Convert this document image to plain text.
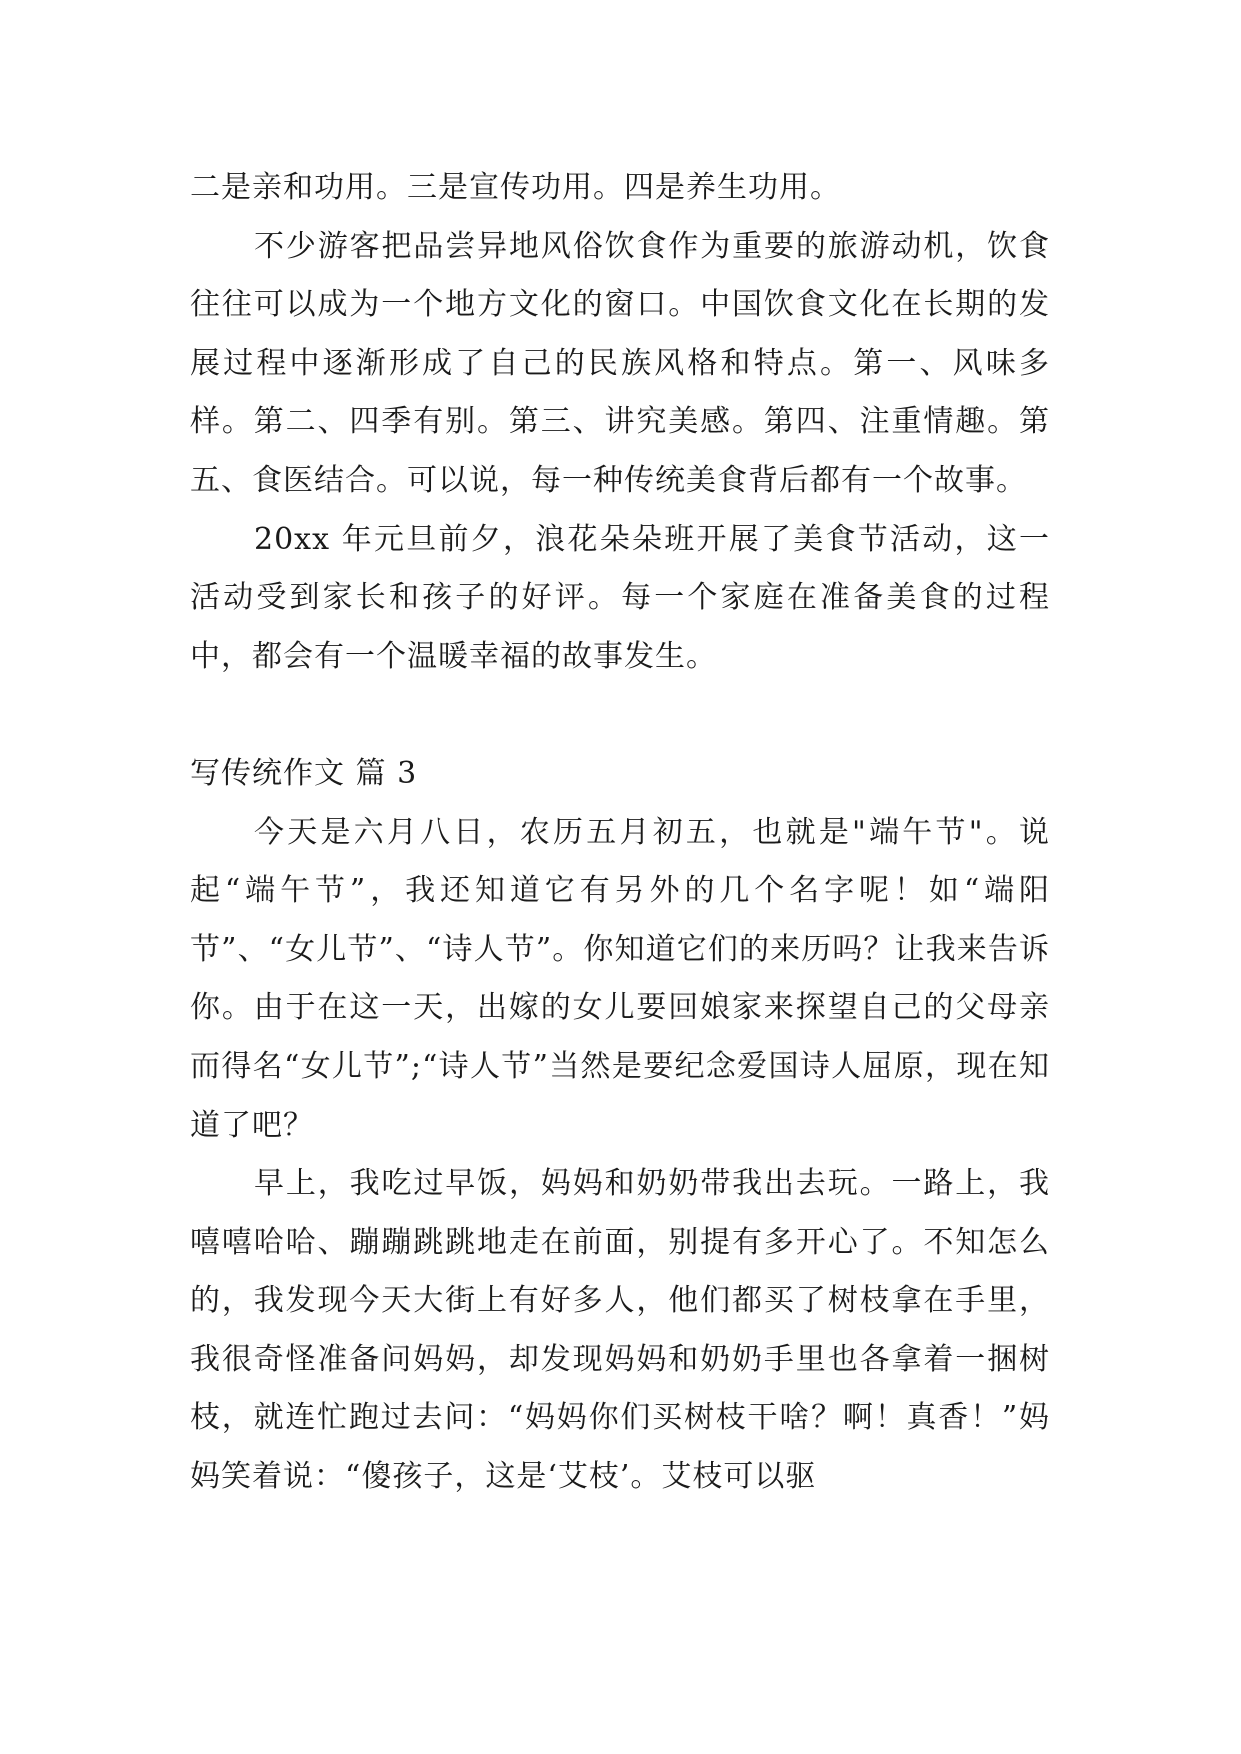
二是亲和功用。三是宣传功用。四是养生功用。

不少游客把品尝异地风俗饮食作为重要的旅游动机，饮食往往可以成为一个地方文化的窗口。中国饮食文化在长期的发展过程中逐渐形成了自己的民族风格和特点。第一、风味多样。第二、四季有别。第三、讲究美感。第四、注重情趣。第五、食医结合。可以说，每一种传统美食背后都有一个故事。

20xx 年元旦前夕，浪花朵朵班开展了美食节活动，这一活动受到家长和孩子的好评。每一个家庭在准备美食的过程中，都会有一个温暖幸福的故事发生。

写传统作文 篇 3

今天是六月八日，农历五月初五，也就是"端午节"。说起“端午节”，我还知道它有另外的几个名字呢！如“端阳节”、“女儿节”、“诗人节”。你知道它们的来历吗？让我来告诉你。由于在这一天，出嫁的女儿要回娘家来探望自己的父母亲而得名“女儿节”;“诗人节”当然是要纪念爱国诗人屈原，现在知道了吧？

早上，我吃过早饭，妈妈和奶奶带我出去玩。一路上，我嘻嘻哈哈、蹦蹦跳跳地走在前面，别提有多开心了。不知怎么的，我发现今天大街上有好多人，他们都买了树枝拿在手里，我很奇怪准备问妈妈，却发现妈妈和奶奶手里也各拿着一捆树枝，就连忙跑过去问：“妈妈你们买树枝干啥？啊！真香！”妈妈笑着说：“傻孩子，这是‘艾枝’。艾枝可以驱
